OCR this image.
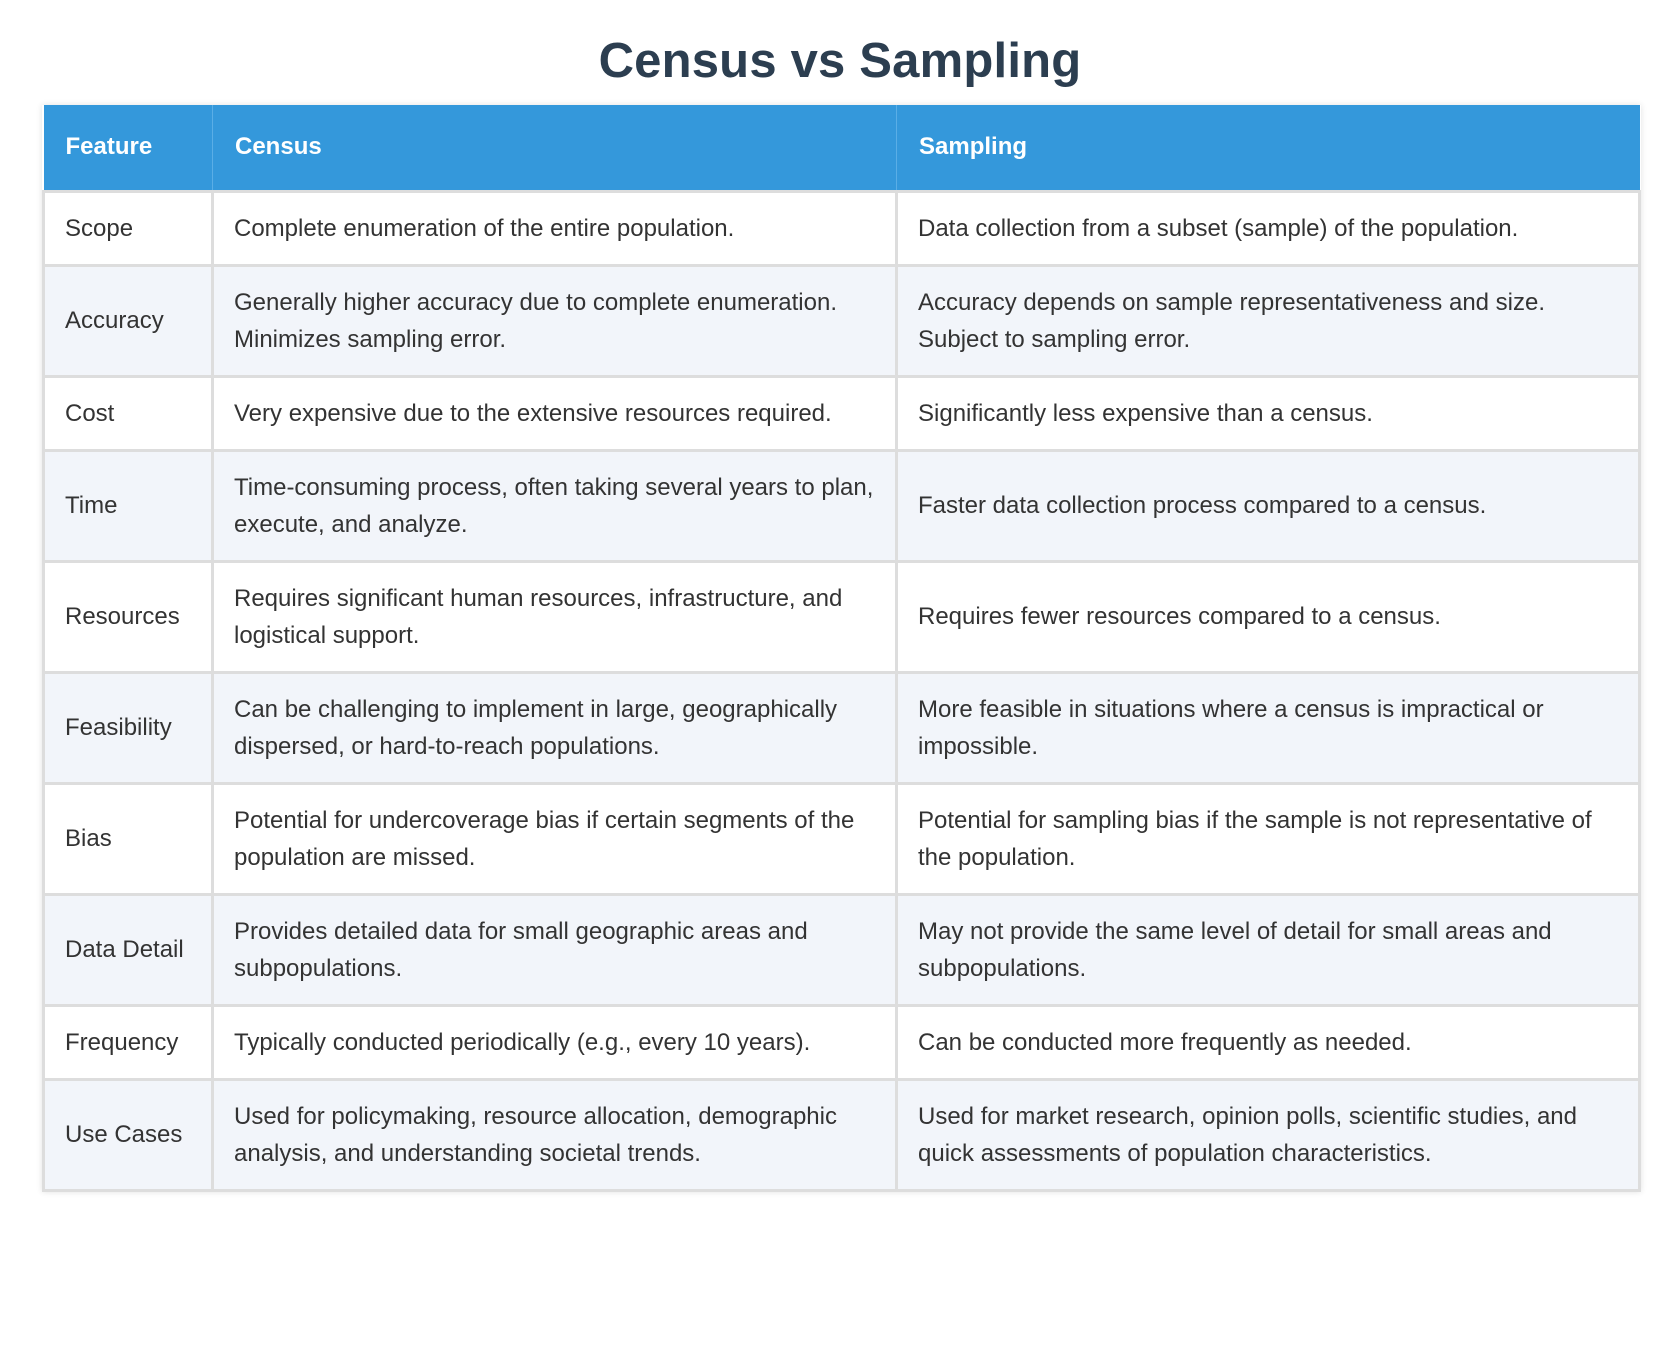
Census vs Sampling
Feature	Census	Sampling
Scope	Complete enumeration of the entire population.	Data collection from a subset (sample) of the population.
Accuracy	Generally higher accuracy due to complete enumeration. Minimizes sampling error.	Accuracy depends on sample representativeness and size. Subject to sampling error.
Cost	Very expensive due to the extensive resources required.	Significantly less expensive than a census.
Time	Time-consuming process, often taking several years to plan, execute, and analyze.	Faster data collection process compared to a census.
Resources	Requires significant human resources, infrastructure, and logistical support.	Requires fewer resources compared to a census.
Feasibility	Can be challenging to implement in large, geographically dispersed, or hard-to-reach populations.	More feasible in situations where a census is impractical or impossible.
Bias	Potential for undercoverage bias if certain segments of the population are missed.	Potential for sampling bias if the sample is not representative of the population.
Data Detail	Provides detailed data for small geographic areas and subpopulations.	May not provide the same level of detail for small areas and subpopulations.
Frequency	Typically conducted periodically (e.g., every 10 years).	Can be conducted more frequently as needed.
Use Cases	Used for policymaking, resource allocation, demographic analysis, and understanding societal trends.	Used for market research, opinion polls, scientific studies, and quick assessments of population characteristics.
